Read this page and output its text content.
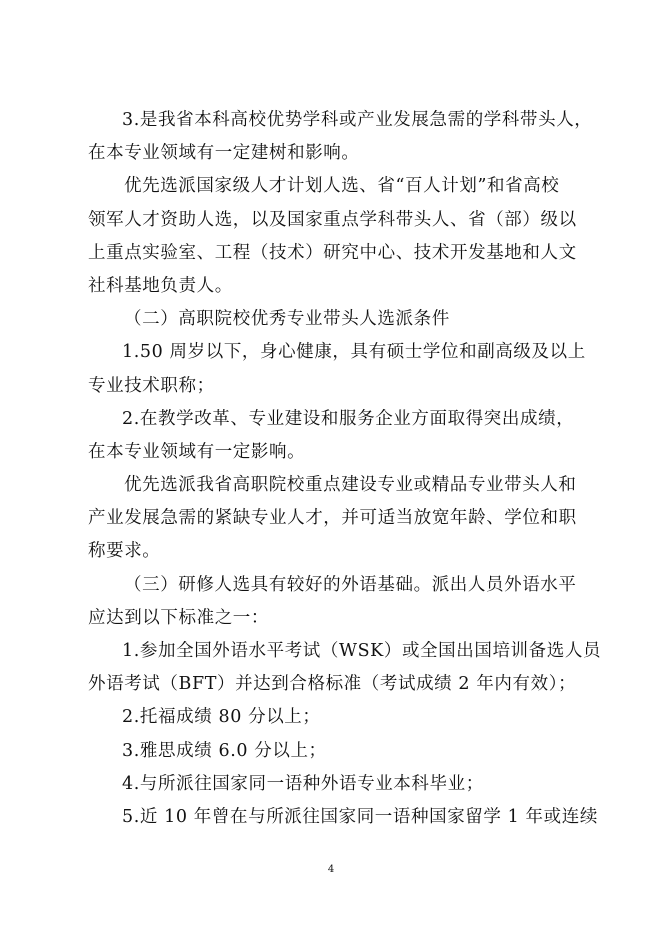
3.是我省本科高校优势学科或产业发展急需的学科带头人，
在本专业领域有一定建树和影响。
优先选派国家级人才计划人选、省“百人计划”和省高校
领军人才资助人选，以及国家重点学科带头人、省（部）级以
上重点实验室、工程（技术）研究中心、技术开发基地和人文
社科基地负责人。
（二）高职院校优秀专业带头人选派条件
1.50 周岁以下，身心健康，具有硕士学位和副高级及以上
专业技术职称；
2.在教学改革、专业建设和服务企业方面取得突出成绩，
在本专业领域有一定影响。
优先选派我省高职院校重点建设专业或精品专业带头人和
产业发展急需的紧缺专业人才，并可适当放宽年龄、学位和职
称要求。
（三）研修人选具有较好的外语基础。派出人员外语水平
应达到以下标准之一：
1.参加全国外语水平考试（WSK）或全国出国培训备选人员
外语考试（BFT）并达到合格标准（考试成绩 2 年内有效）；
2.托福成绩 80 分以上；
3.雅思成绩 6.0 分以上；
4.与所派往国家同一语种外语专业本科毕业；
5.近 10 年曾在与所派往国家同一语种国家留学 1 年或连续
4
